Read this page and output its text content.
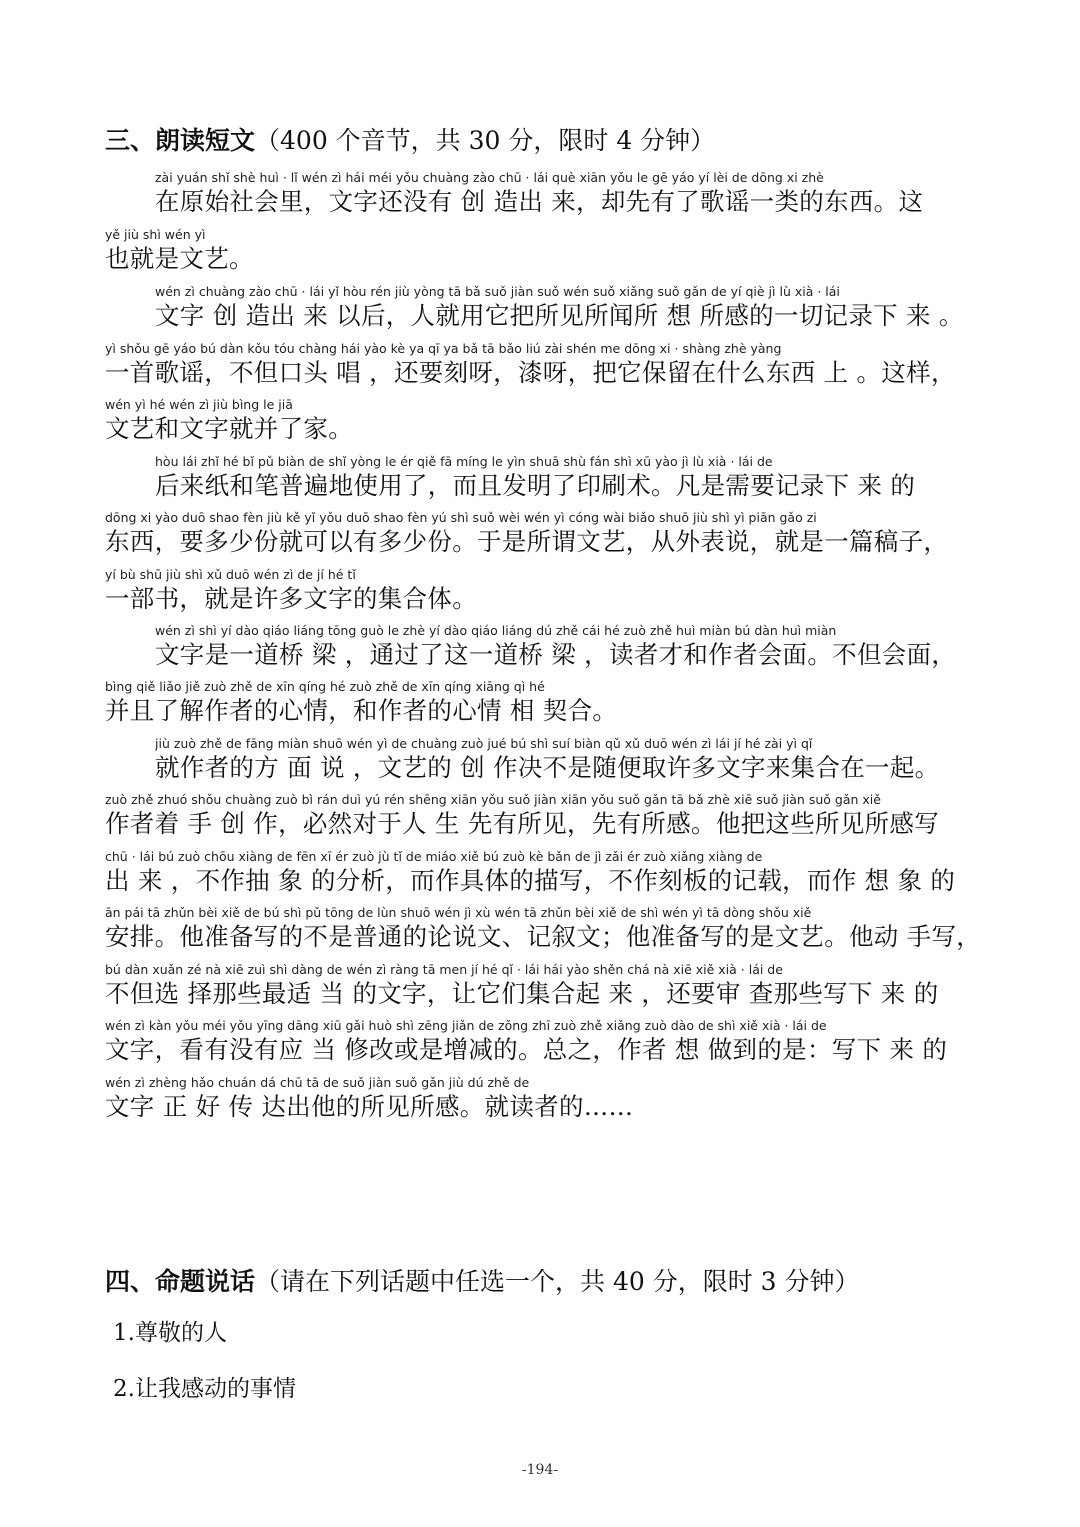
三、朗读短文（400 个音节，共 30 分，限时 4 分钟）
zài yuán shǐ shè huì · lǐ wén zì hái méi yǒu chuàng zào chū · lái què xiān yǒu le gē yáo yí lèi de dōng xi zhè
在原始社会里，文字还没有 创 造出 来，却先有了歌谣一类的东西。这
yě jiù shì wén yì
也就是文艺。
wén zì chuàng zào chū · lái yǐ hòu rén jiù yòng tā bǎ suǒ jiàn suǒ wén suǒ xiǎng suǒ gǎn de yí qiè jì lù xià · lái
文字 创 造出 来 以后，人就用它把所见所闻所 想 所感的一切记录下 来 。
yì shǒu gē yáo bú dàn kǒu tóu chàng hái yào kè ya qī ya bǎ tā bǎo liú zài shén me dōng xi · shàng zhè yàng
一首歌谣，不但口头 唱 ，还要刻呀，漆呀，把它保留在什么东西 上 。这样，
wén yì hé wén zì jiù bìng le jiā
文艺和文字就并了家。
hòu lái zhǐ hé bǐ pǔ biàn de shǐ yòng le ér qiě fā míng le yìn shuā shù fán shì xū yào jì lù xià · lái de
后来纸和笔普遍地使用了，而且发明了印刷术。凡是需要记录下 来 的
dōng xi yào duō shao fèn jiù kě yǐ yǒu duō shao fèn yú shì suǒ wèi wén yì cóng wài biǎo shuō jiù shì yì piān gǎo zi
东西，要多少份就可以有多少份。于是所谓文艺，从外表说，就是一篇稿子，
yí bù shū jiù shì xǔ duō wén zì de jí hé tǐ
一部书，就是许多文字的集合体。
wén zì shì yí dào qiáo liáng tōng guò le zhè yí dào qiáo liáng dú zhě cái hé zuò zhě huì miàn bú dàn huì miàn
文字是一道桥 梁 ，通过了这一道桥 梁 ，读者才和作者会面。不但会面，
bìng qiě liǎo jiě zuò zhě de xīn qíng hé zuò zhě de xīn qíng xiāng qì hé
并且了解作者的心情，和作者的心情 相 契合。
jiù zuò zhě de fāng miàn shuō wén yì de chuàng zuò jué bú shì suí biàn qǔ xǔ duō wén zì lái jí hé zài yì qǐ
就作者的方 面 说 ，文艺的 创 作决不是随便取许多文字来集合在一起。
zuò zhě zhuó shǒu chuàng zuò bì rán duì yú rén shēng xiān yǒu suǒ jiàn xiān yǒu suǒ gǎn tā bǎ zhè xiē suǒ jiàn suǒ gǎn xiě
作者着 手 创 作，必然对于人 生 先有所见，先有所感。他把这些所见所感写
chū · lái bú zuò chōu xiàng de fēn xī ér zuò jù tǐ de miáo xiě bú zuò kè bǎn de jì zǎi ér zuò xiǎng xiàng de
出 来 ，不作抽 象 的分析，而作具体的描写，不作刻板的记载，而作 想 象 的
ān pái tā zhǔn bèi xiě de bú shì pǔ tōng de lùn shuō wén jì xù wén tā zhǔn bèi xiě de shì wén yì tā dòng shǒu xiě
安排。他准备写的不是普通的论说文、记叙文；他准备写的是文艺。他动 手写，
bú dàn xuǎn zé nà xiē zuì shì dàng de wén zì ràng tā men jí hé qǐ · lái hái yào shěn chá nà xiē xiě xià · lái de
不但选 择那些最适 当 的文字，让它们集合起 来 ，还要审 查那些写下 来 的
wén zì kàn yǒu méi yǒu yīng dāng xiū gǎi huò shì zēng jiǎn de zǒng zhī zuò zhě xiǎng zuò dào de shì xiě xià · lái de
文字，看有没有应 当 修改或是增减的。总之，作者 想 做到的是：写下 来 的
wén zì zhèng hǎo chuán dá chū tā de suǒ jiàn suǒ gǎn jiù dú zhě de
文字 正 好 传 达出他的所见所感。就读者的……
四、命题说话（请在下列话题中任选一个，共 40 分，限时 3 分钟）
1.尊敬的人
2.让我感动的事情
-194-
